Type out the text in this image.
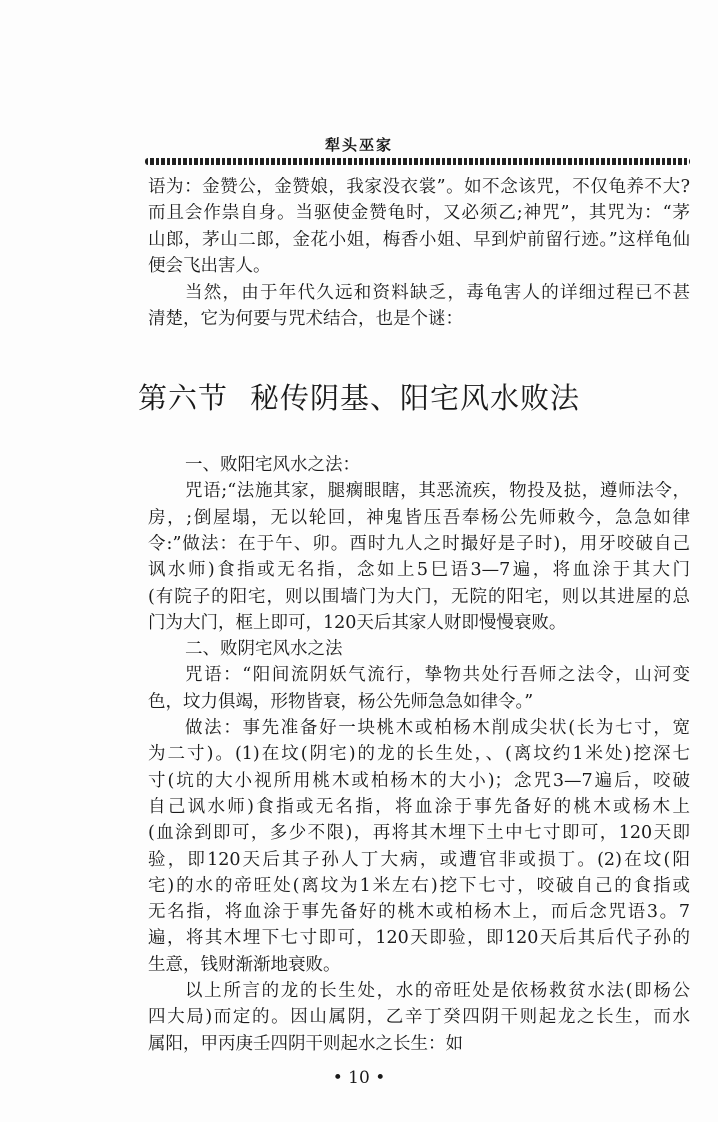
犁头巫家
语为：金赞公，金赞娘，我家没衣裳”。如不念该咒，不仅龟养不大?
而且会作祟自身。当驱使金赞龟时，又必须乙;神咒”，其咒为：“茅
山郎，茅山二郎，金花小姐，梅香小姐、早到炉前留行迹。”这样龟仙
便会飞出害人。
当然，由于年代久远和资料缺乏，毒龟害人的详细过程已不甚
清楚，它为何要与咒术结合，也是个谜：
第六节 秘传阴基、阳宅风水败法
一、败阳宅风水之法：
咒语;“法施其家，腿瘸眼瞎，其恶流疾，物投及挞，遵师法令，
房，;倒屋塌，无以轮回，神鬼皆压吾奉杨公先师敕今，急急如律
令:”做法：在于午、卯。酉时九人之时撮好是子时)，用牙咬破自己
讽水师)食指或无名指，念如上5巳语3—7遍，将血涂于其大门
(有院子的阳宅，则以围墙门为大门，无院的阳宅，则以其进屋的总
门为大门，框上即可，120天后其家人财即慢慢衰败。
二、败阴宅风水之法
咒语：“阳间流阴妖气流行，挚物共处行吾师之法令，山河变
色，坟力俱竭，形物皆衰，杨公先师急急如律令。”
做法：事先准备好一块桃木或柏杨木削成尖状(长为七寸，宽
为二寸)。(1)在坟(阴宅)的龙的长生处，、(离坟约1米处)挖深七
寸(坑的大小视所用桃木或柏杨木的大小)；念咒3—7遍后，咬破
自己讽水师)食指或无名指，将血涂于事先备好的桃木或杨木上
(血涂到即可，多少不限)，再将其木埋下土中七寸即可，120天即
验，即120天后其子孙人丁大病，或遭官非或损丁。(2)在坟(阳
宅)的水的帝旺处(离坟为1米左右)挖下七寸，咬破自己的食指或
无名指，将血涂于事先备好的桃木或柏杨木上，而后念咒语3。7
遍，将其木埋下七寸即可，120天即验，即120天后其后代子孙的
生意，钱财渐渐地衰败。
以上所言的龙的长生处，水的帝旺处是依杨救贫水法(即杨公
四大局)而定的。因山属阴，乙辛丁癸四阴干则起龙之长生，而水
属阳，甲丙庚壬四阴干则起水之长生：如
• 10 •
